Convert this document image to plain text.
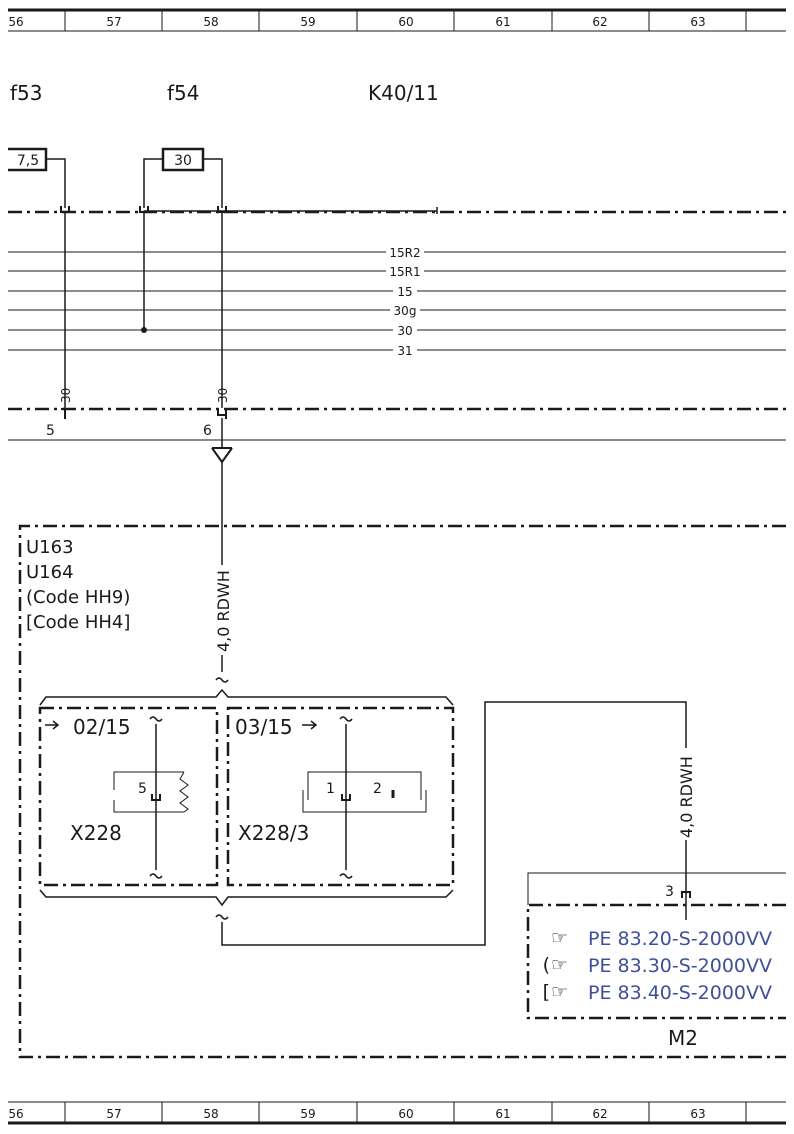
56	57	58	59	60	61	62	63
f53	f54	K40/11
7,5	30
15R2
15R1
15
30g
30
31
30	30
5	6
U163
U164
(Code HH9)
[Code HH4]	4,0 RDWH
02/15
5
X228
03/15
1	2
X228/3	4,0 RDWH
3
☞ PE 83.20-S-2000VV
( ☞ PE 83.30-S-2000VV
[ ☞ PE 83.40-S-2000VV
M2
56	57	58	59	60	61	62	63
